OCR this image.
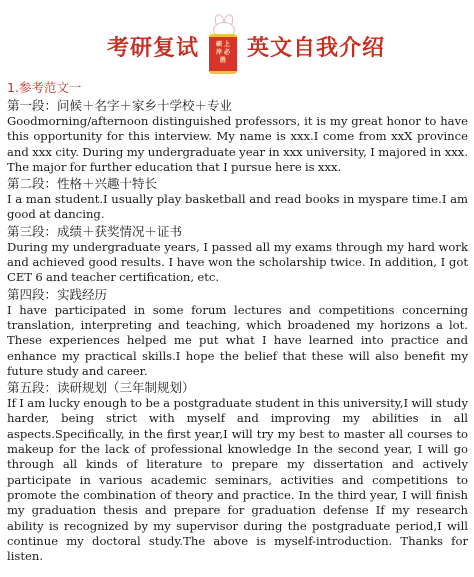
考研复试	硕 上 岸 必 胜 英文自我介绍

1.参考范文一

第一段：问候＋名字＋家乡十学校＋专业

Goodmorning/afternoon distinguished professors, it is my great honor to have this opportunity for this interview. My name is xxx.I come from xxX province and xxx city. During my undergraduate year in xxx university, I majored in xxx. The major for further education that I pursue here is xxx.

第二段：性格＋兴趣十特长

I a man student.I usually play basketball and read books in myspare time.I am good at dancing.

第三段：成绩＋获奖情况＋证书

During my undergraduate years, I passed all my exams through my hard work and achieved good results. I have won the scholarship twice. In addition, I got CET 6 and teacher certification, etc.

第四段：实践经历

I have participated in some forum lectures and competitions concerning translation, interpreting and teaching, which broadened my horizons a lot. These experiences helped me put what I have learned into practice and enhance my practical skills.I hope the belief that these will also benefit my future study and career.

第五段：读研规划（三年制规划）

If I am lucky enough to be a postgraduate student in this university,I will study harder, being strict with myself and improving my abilities in all aspects.Specifically, in the first year,I will try my best to master all courses to makeup for the lack of professional knowledge In the second year, I will go through all kinds of literature to prepare my dissertation and actively participate in various academic seminars, activities and competitions to promote the combination of theory and practice. In the third year, I will finish my graduation thesis and prepare for graduation defense If my research ability is recognized by my supervisor during the postgraduate period,I will continue my doctoral study.The above is myself-introduction. Thanks for listen.
